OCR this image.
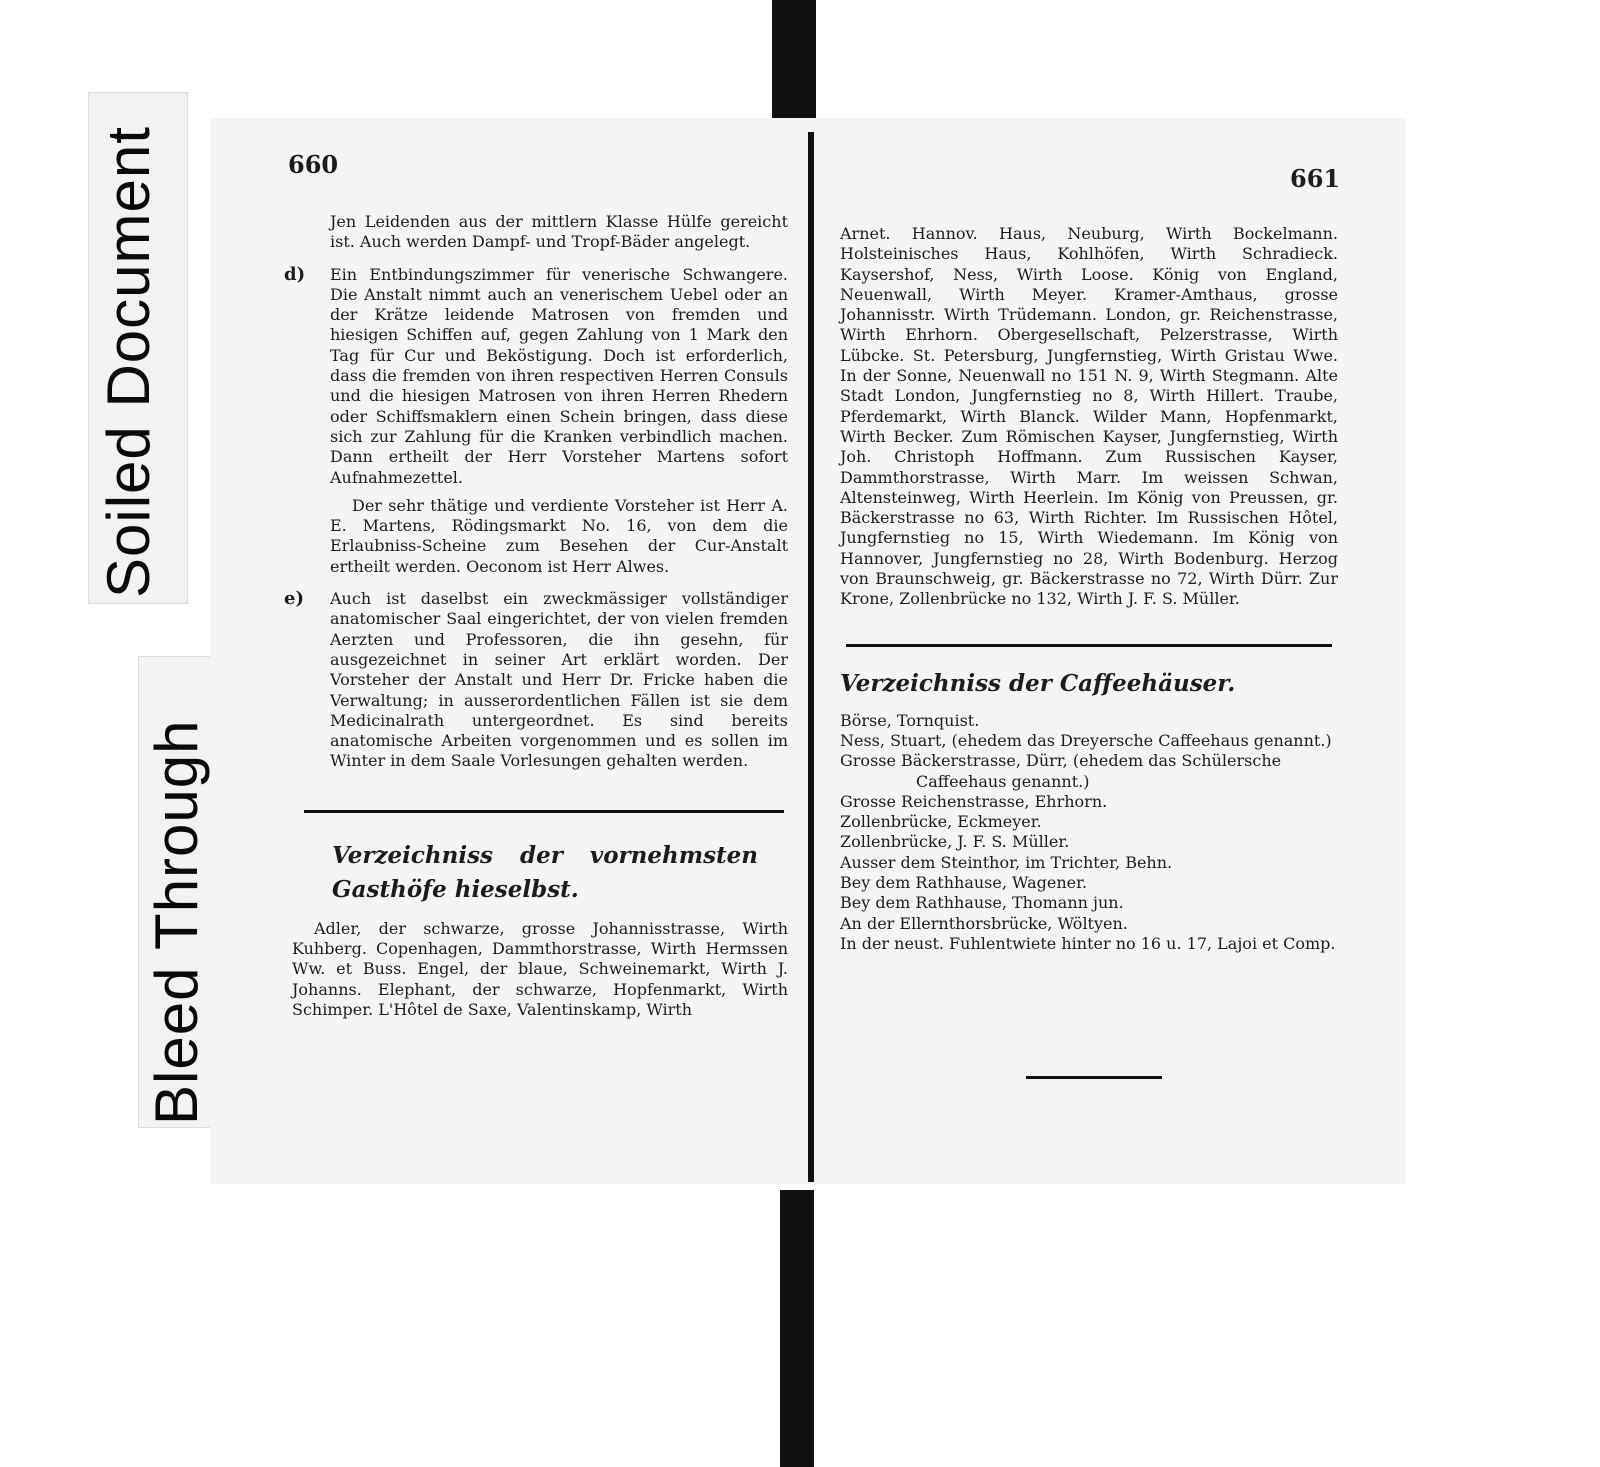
Soiled Document
Bleed Through
660

Jen Leidenden aus der mittlern Klasse Hülfe gereicht ist. Auch werden Dampf- und Tropf-Bäder angelegt.

d) Ein Entbindungszimmer für venerische Schwangere. Die Anstalt nimmt auch an venerischem Uebel oder an der Krätze leidende Matrosen von fremden und hiesigen Schiffen auf, gegen Zahlung von 1 Mark den Tag für Cur und Beköstigung. Doch ist erforderlich, dass die fremden von ihren respectiven Herren Consuls und die hiesigen Matrosen von ihren Herren Rhedern oder Schiffsmaklern einen Schein bringen, dass diese sich zur Zahlung für die Kranken verbindlich machen. Dann ertheilt der Herr Vorsteher Martens sofort Aufnahmezettel.

Der sehr thätige und verdiente Vorsteher ist Herr A. E. Martens, Rödingsmarkt No. 16, von dem die Erlaubniss-Scheine zum Besehen der Cur-Anstalt ertheilt werden. Oeconom ist Herr Alwes.

e) Auch ist daselbst ein zweckmässiger vollständiger anatomischer Saal eingerichtet, der von vielen fremden Aerzten und Professoren, die ihn gesehn, für ausgezeichnet in seiner Art erklärt worden. Der Vorsteher der Anstalt und Herr Dr. Fricke haben die Verwaltung; in ausserordentlichen Fällen ist sie dem Medicinalrath untergeordnet. Es sind bereits anatomische Arbeiten vorgenommen und es sollen im Winter in dem Saale Vorlesungen gehalten werden.

Verzeichniss der vornehmsten Gasthöfe hieselbst.

Adler, der schwarze, grosse Johannisstrasse, Wirth Kuhberg. Copenhagen, Dammthorstrasse, Wirth Hermssen Ww. et Buss. Engel, der blaue, Schweinemarkt, Wirth J. Johanns. Elephant, der schwarze, Hopfenmarkt, Wirth Schimper. L'Hôtel de Saxe, Valentinskamp, Wirth

661

Arnet. Hannov. Haus, Neuburg, Wirth Bockelmann. Holsteinisches Haus, Kohlhöfen, Wirth Schradieck. Kaysershof, Ness, Wirth Loose. König von England, Neuenwall, Wirth Meyer. Kramer-Amthaus, grosse Johannisstr. Wirth Trüdemann. London, gr. Reichenstrasse, Wirth Ehrhorn. Obergesellschaft, Pelzerstrasse, Wirth Lübcke. St. Petersburg, Jungfernstieg, Wirth Gristau Wwe. In der Sonne, Neuenwall no 151 N. 9, Wirth Stegmann. Alte Stadt London, Jungfernstieg no 8, Wirth Hillert. Traube, Pferdemarkt, Wirth Blanck. Wilder Mann, Hopfenmarkt, Wirth Becker. Zum Römischen Kayser, Jungfernstieg, Wirth Joh. Christoph Hoffmann. Zum Russischen Kayser, Dammthorstrasse, Wirth Marr. Im weissen Schwan, Altensteinweg, Wirth Heerlein. Im König von Preussen, gr. Bäckerstrasse no 63, Wirth Richter. Im Russischen Hôtel, Jungfernstieg no 15, Wirth Wiedemann. Im König von Hannover, Jungfernstieg no 28, Wirth Bodenburg. Herzog von Braunschweig, gr. Bäckerstrasse no 72, Wirth Dürr. Zur Krone, Zollenbrücke no 132, Wirth J. F. S. Müller.

Verzeichniss der Caffeehäuser.

Börse, Tornquist.

Ness, Stuart, (ehedem das Dreyersche Caffeehaus genannt.)

Grosse Bäckerstrasse, Dürr, (ehedem das Schülersche Caffeehaus genannt.)

Grosse Reichenstrasse, Ehrhorn.

Zollenbrücke, Eckmeyer.

Zollenbrücke, J. F. S. Müller.

Ausser dem Steinthor, im Trichter, Behn.

Bey dem Rathhause, Wagener.

Bey dem Rathhause, Thomann jun.

An der Ellernthorsbrücke, Wöltyen.

In der neust. Fuhlentwiete hinter no 16 u. 17, Lajoi et Comp.
